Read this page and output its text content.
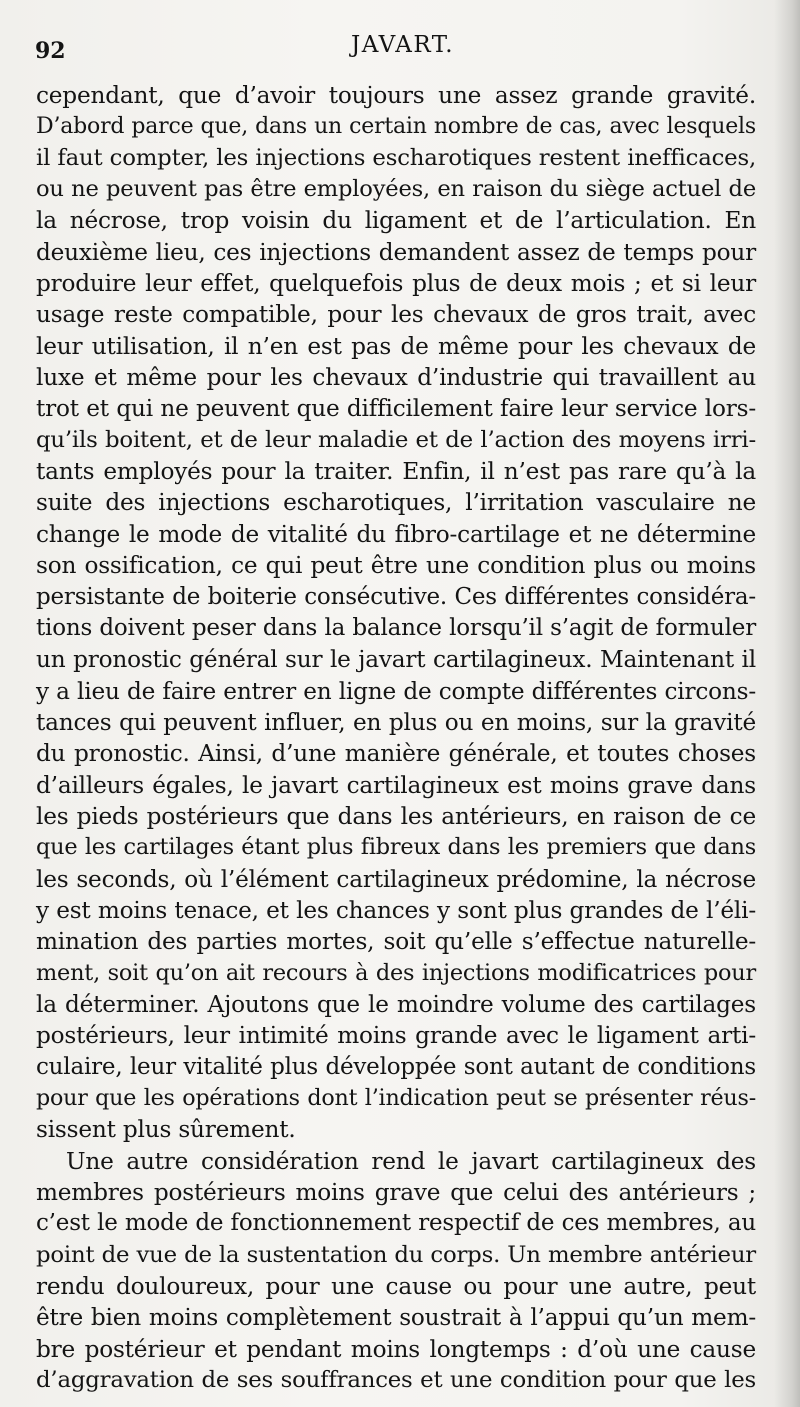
92	JAVART.
cependant, que d’avoir toujours une assez grande gravité.
D’abord parce que, dans un certain nombre de cas, avec lesquels
il faut compter, les injections escharotiques restent inefficaces,
ou ne peuvent pas être employées, en raison du siège actuel de
la nécrose, trop voisin du ligament et de l’articulation. En
deuxième lieu, ces injections demandent assez de temps pour
produire leur effet, quelquefois plus de deux mois ; et si leur
usage reste compatible, pour les chevaux de gros trait, avec
leur utilisation, il n’en est pas de même pour les chevaux de
luxe et même pour les chevaux d’industrie qui travaillent au
trot et qui ne peuvent que difficilement faire leur service lors-
qu’ils boitent, et de leur maladie et de l’action des moyens irri-
tants employés pour la traiter. Enfin, il n’est pas rare qu’à la
suite des injections escharotiques, l’irritation vasculaire ne
change le mode de vitalité du fibro-cartilage et ne détermine
son ossification, ce qui peut être une condition plus ou moins
persistante de boiterie consécutive. Ces différentes considéra-
tions doivent peser dans la balance lorsqu’il s’agit de formuler
un pronostic général sur le javart cartilagineux. Maintenant il
y a lieu de faire entrer en ligne de compte différentes circons-
tances qui peuvent influer, en plus ou en moins, sur la gravité
du pronostic. Ainsi, d’une manière générale, et toutes choses
d’ailleurs égales, le javart cartilagineux est moins grave dans
les pieds postérieurs que dans les antérieurs, en raison de ce
que les cartilages étant plus fibreux dans les premiers que dans
les seconds, où l’élément cartilagineux prédomine, la nécrose
y est moins tenace, et les chances y sont plus grandes de l’éli-
mination des parties mortes, soit qu’elle s’effectue naturelle-
ment, soit qu’on ait recours à des injections modificatrices pour
la déterminer. Ajoutons que le moindre volume des cartilages
postérieurs, leur intimité moins grande avec le ligament arti-
culaire, leur vitalité plus développée sont autant de conditions
pour que les opérations dont l’indication peut se présenter réus-
sissent plus sûrement.
Une autre considération rend le javart cartilagineux des
membres postérieurs moins grave que celui des antérieurs ;
c’est le mode de fonctionnement respectif de ces membres, au
point de vue de la sustentation du corps. Un membre antérieur
rendu douloureux, pour une cause ou pour une autre, peut
être bien moins complètement soustrait à l’appui qu’un mem-
bre postérieur et pendant moins longtemps : d’où une cause
d’aggravation de ses souffrances et une condition pour que les
